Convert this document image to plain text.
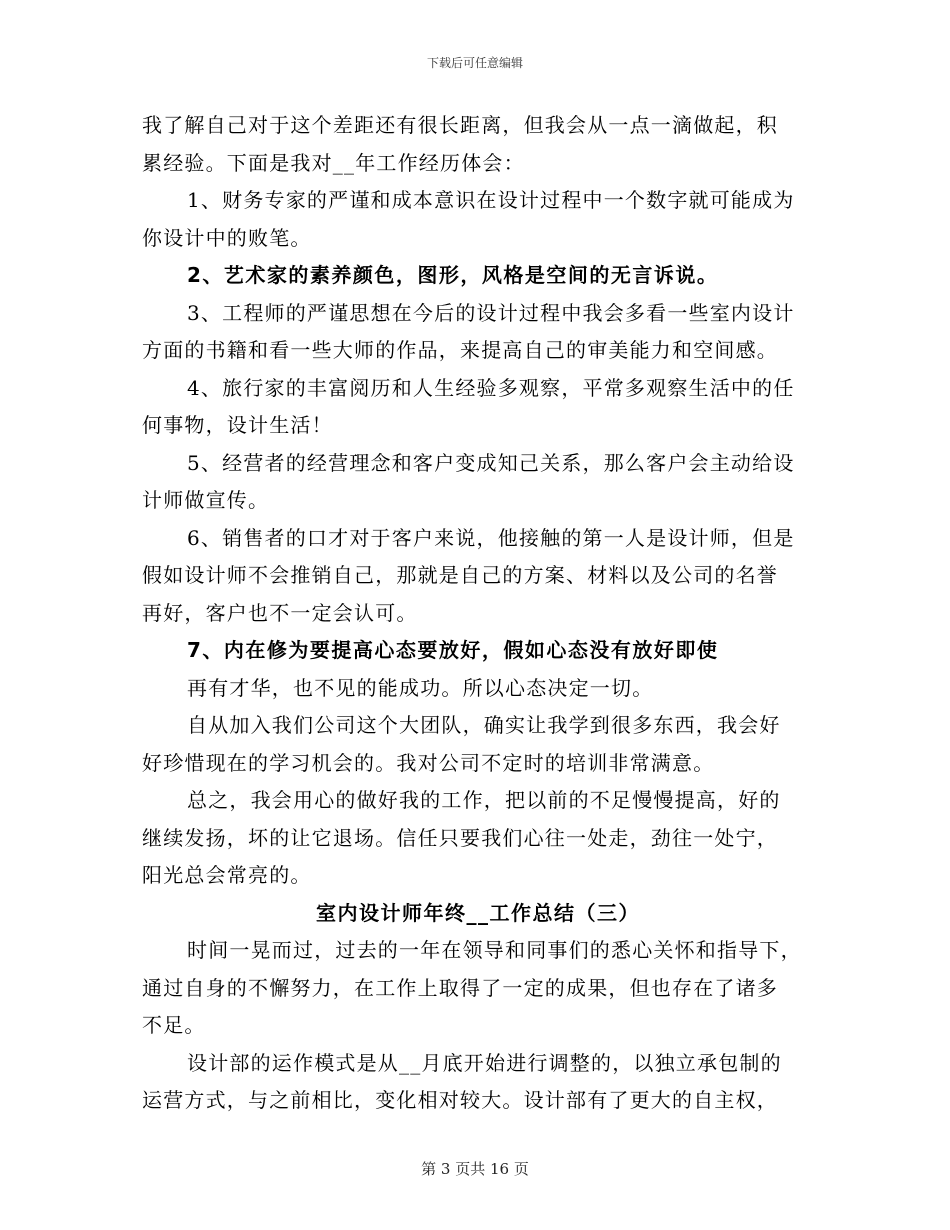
下载后可任意编辑
我了解自己对于这个差距还有很长距离，但我会从一点一滴做起，积
累经验。下面是我对__年工作经历体会：
1、财务专家的严谨和成本意识在设计过程中一个数字就可能成为
你设计中的败笔。
2、艺术家的素养颜色，图形，风格是空间的无言诉说。
3、工程师的严谨思想在今后的设计过程中我会多看一些室内设计
方面的书籍和看一些大师的作品，来提高自己的审美能力和空间感。
4、旅行家的丰富阅历和人生经验多观察，平常多观察生活中的任
何事物，设计生活！
5、经营者的经营理念和客户变成知己关系，那么客户会主动给设
计师做宣传。
6、销售者的口才对于客户来说，他接触的第一人是设计师，但是
假如设计师不会推销自己，那就是自己的方案、材料以及公司的名誉
再好，客户也不一定会认可。
7、内在修为要提高心态要放好，假如心态没有放好即使
再有才华，也不见的能成功。所以心态决定一切。
自从加入我们公司这个大团队，确实让我学到很多东西，我会好
好珍惜现在的学习机会的。我对公司不定时的培训非常满意。
总之，我会用心的做好我的工作，把以前的不足慢慢提高，好的
继续发扬，坏的让它退场。信任只要我们心往一处走，劲往一处宁，
阳光总会常亮的。
室内设计师年终__工作总结（三）
时间一晃而过，过去的一年在领导和同事们的悉心关怀和指导下，
通过自身的不懈努力，在工作上取得了一定的成果，但也存在了诸多
不足。
设计部的运作模式是从__月底开始进行调整的，以独立承包制的
运营方式，与之前相比，变化相对较大。设计部有了更大的自主权，
第 3 页共 16 页
